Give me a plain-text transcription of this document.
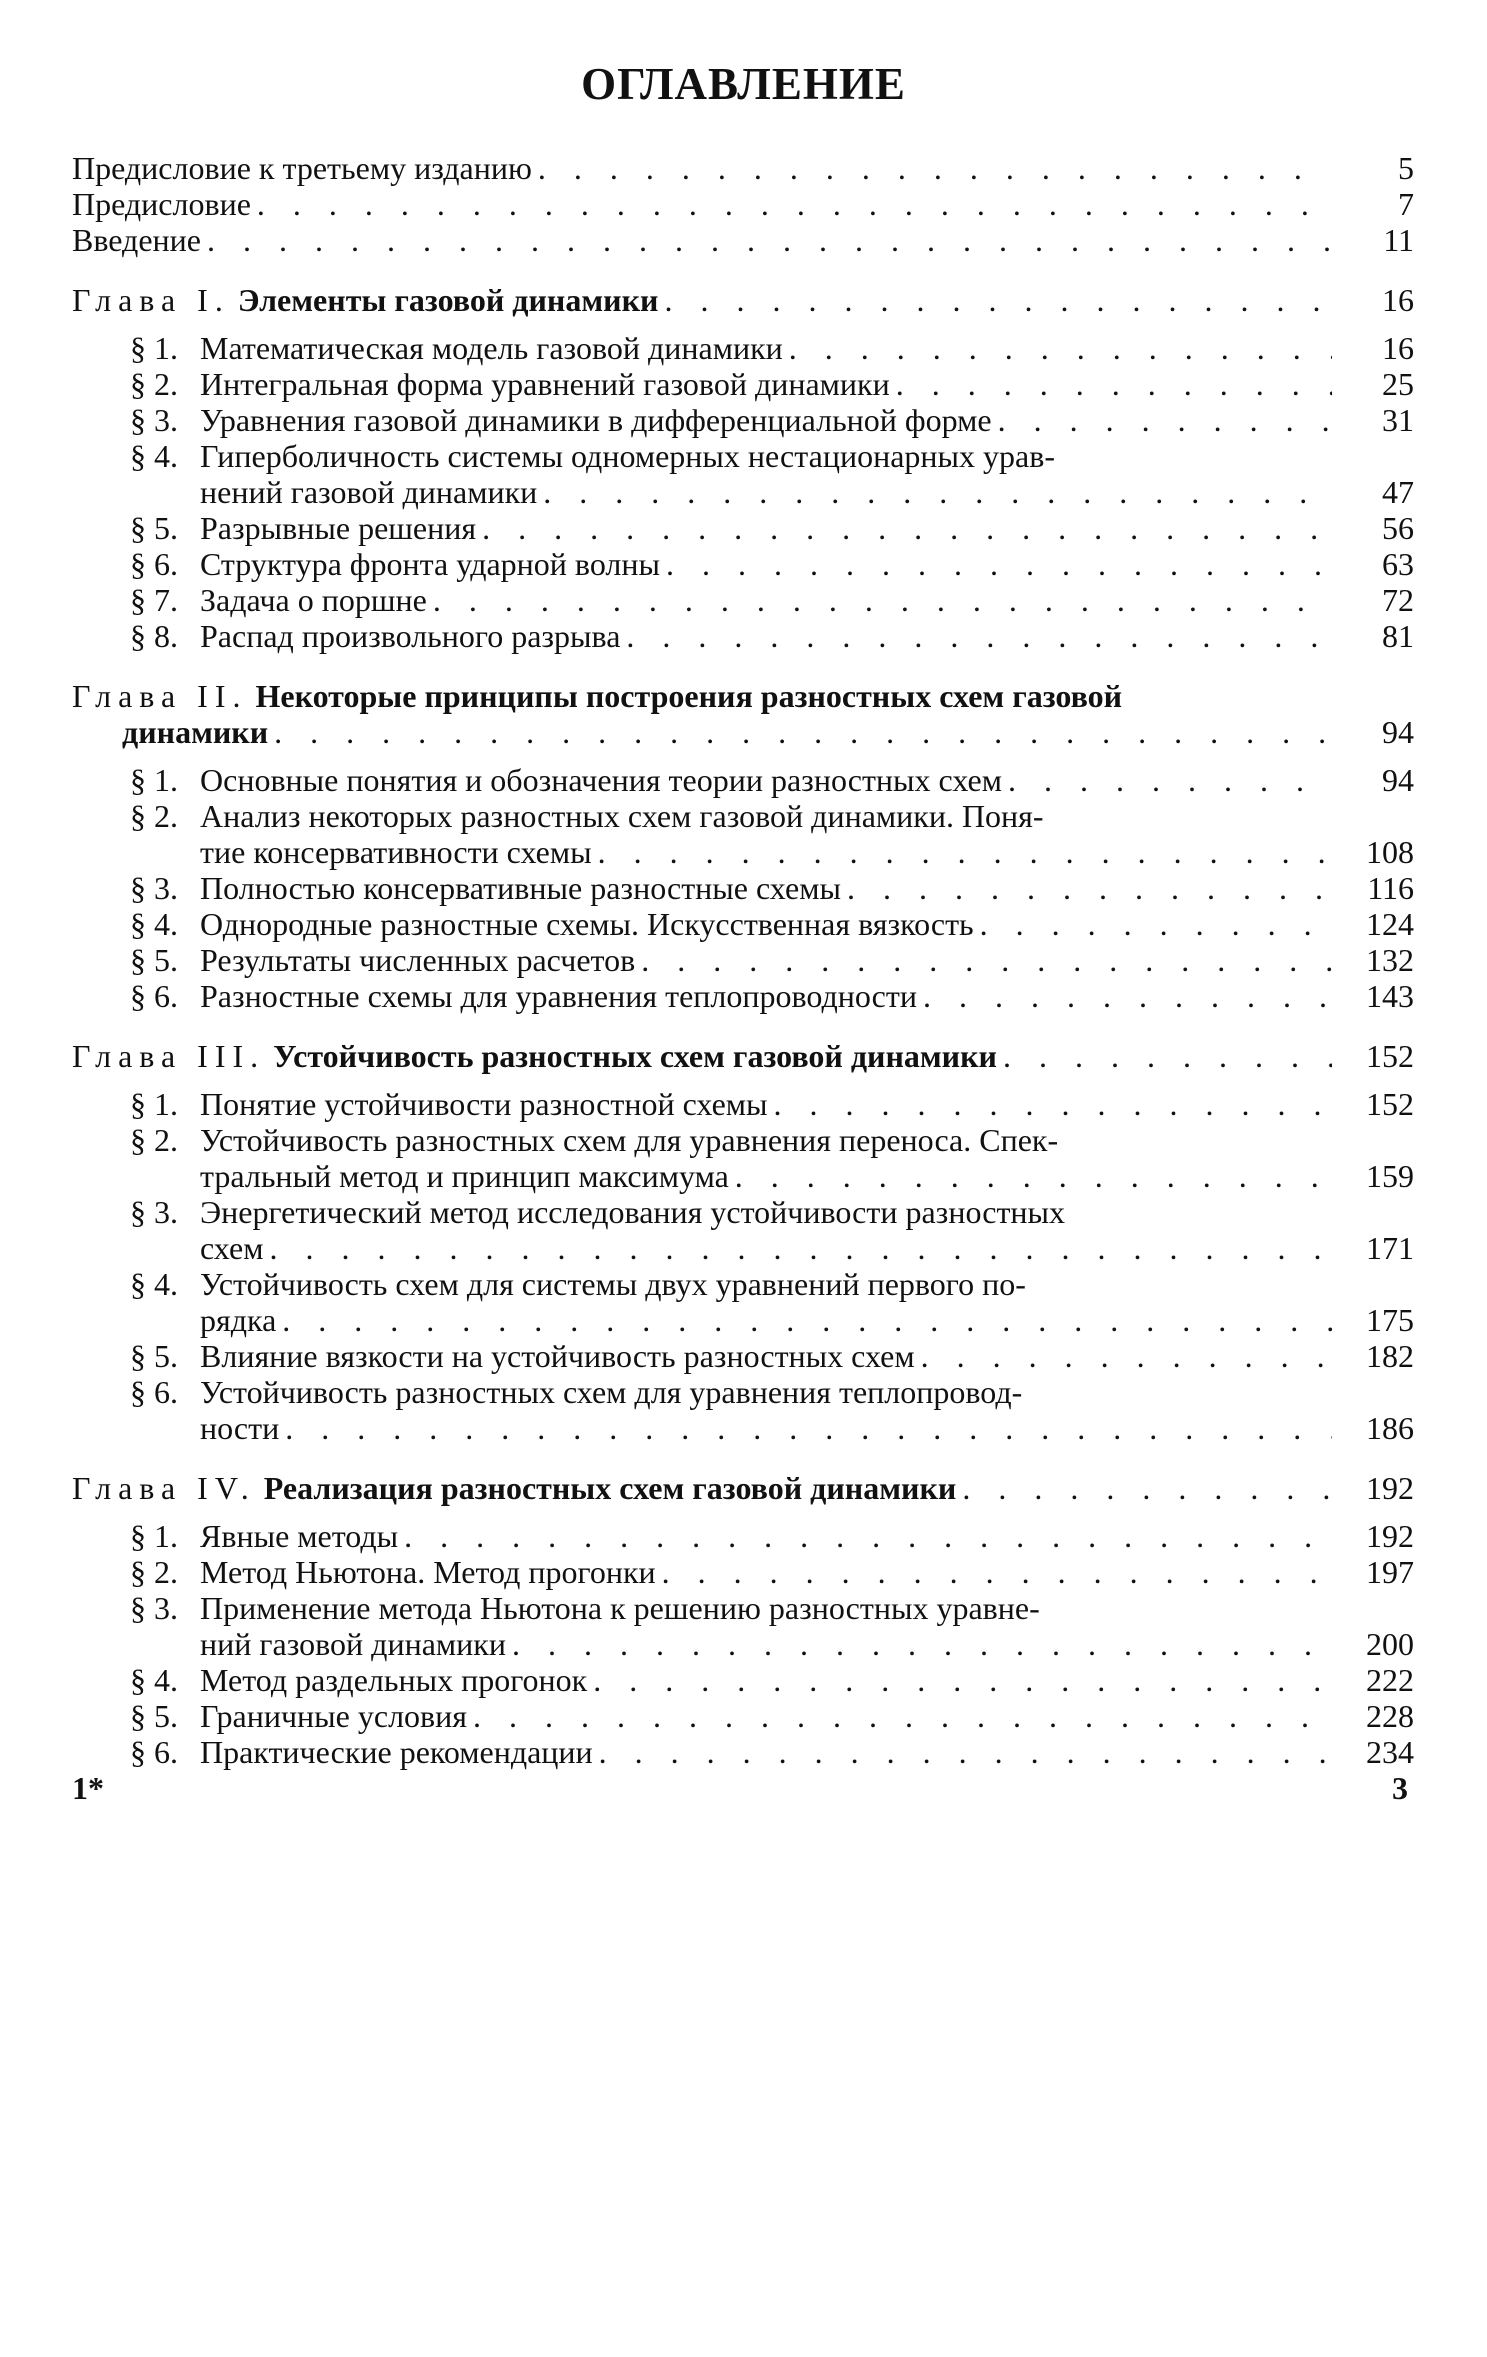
ОГЛАВЛЕНИЕ
Предисловие к третьему изданию . . .	5
Предисловие . . .	7
Введение . . .	11
Глава I. Элементы газовой динамики . . .	16
§ 1. Математическая модель газовой динамики . . .	16
§ 2. Интегральная форма уравнений газовой динамики . . .	25
§ 3. Уравнения газовой динамики в дифференциальной форме . . .	31
§ 4. Гиперболичность системы одномерных нестационарных урав-
нений газовой динамики . . .	47
§ 5. Разрывные решения . . .	56
§ 6. Структура фронта ударной волны . . .	63
§ 7. Задача о поршне . . .	72
§ 8. Распад произвольного разрыва . . .	81
Глава II. Некоторые принципы построения разностных схем газовой
динамики . . .	94
§ 1. Основные понятия и обозначения теории разностных схем . . .	94
§ 2. Анализ некоторых разностных схем газовой динамики. Поня-
тие консервативности схемы . . .	108
§ 3. Полностью консервативные разностные схемы . . .	116
§ 4. Однородные разностные схемы. Искусственная вязкость . . .	124
§ 5. Результаты численных расчетов . . .	132
§ 6. Разностные схемы для уравнения теплопроводности . . .	143
Глава III. Устойчивость разностных схем газовой динамики . . .	152
§ 1. Понятие устойчивости разностной схемы . . .	152
§ 2. Устойчивость разностных схем для уравнения переноса. Спек-
тральный метод и принцип максимума . . .	159
§ 3. Энергетический метод исследования устойчивости разностных
схем . . .	171
§ 4. Устойчивость схем для системы двух уравнений первого по-
рядка . . .	175
§ 5. Влияние вязкости на устойчивость разностных схем . . .	182
§ 6. Устойчивость разностных схем для уравнения теплопровод-
ности . . .	186
Глава IV. Реализация разностных схем газовой динамики . . .	192
§ 1. Явные методы . . .	192
§ 2. Метод Ньютона. Метод прогонки . . .	197
§ 3. Применение метода Ньютона к решению разностных уравне-
ний газовой динамики . . .	200
§ 4. Метод раздельных прогонок . . .	222
§ 5. Граничные условия . . .	228
§ 6. Практические рекомендации . . .	234
1*	3
